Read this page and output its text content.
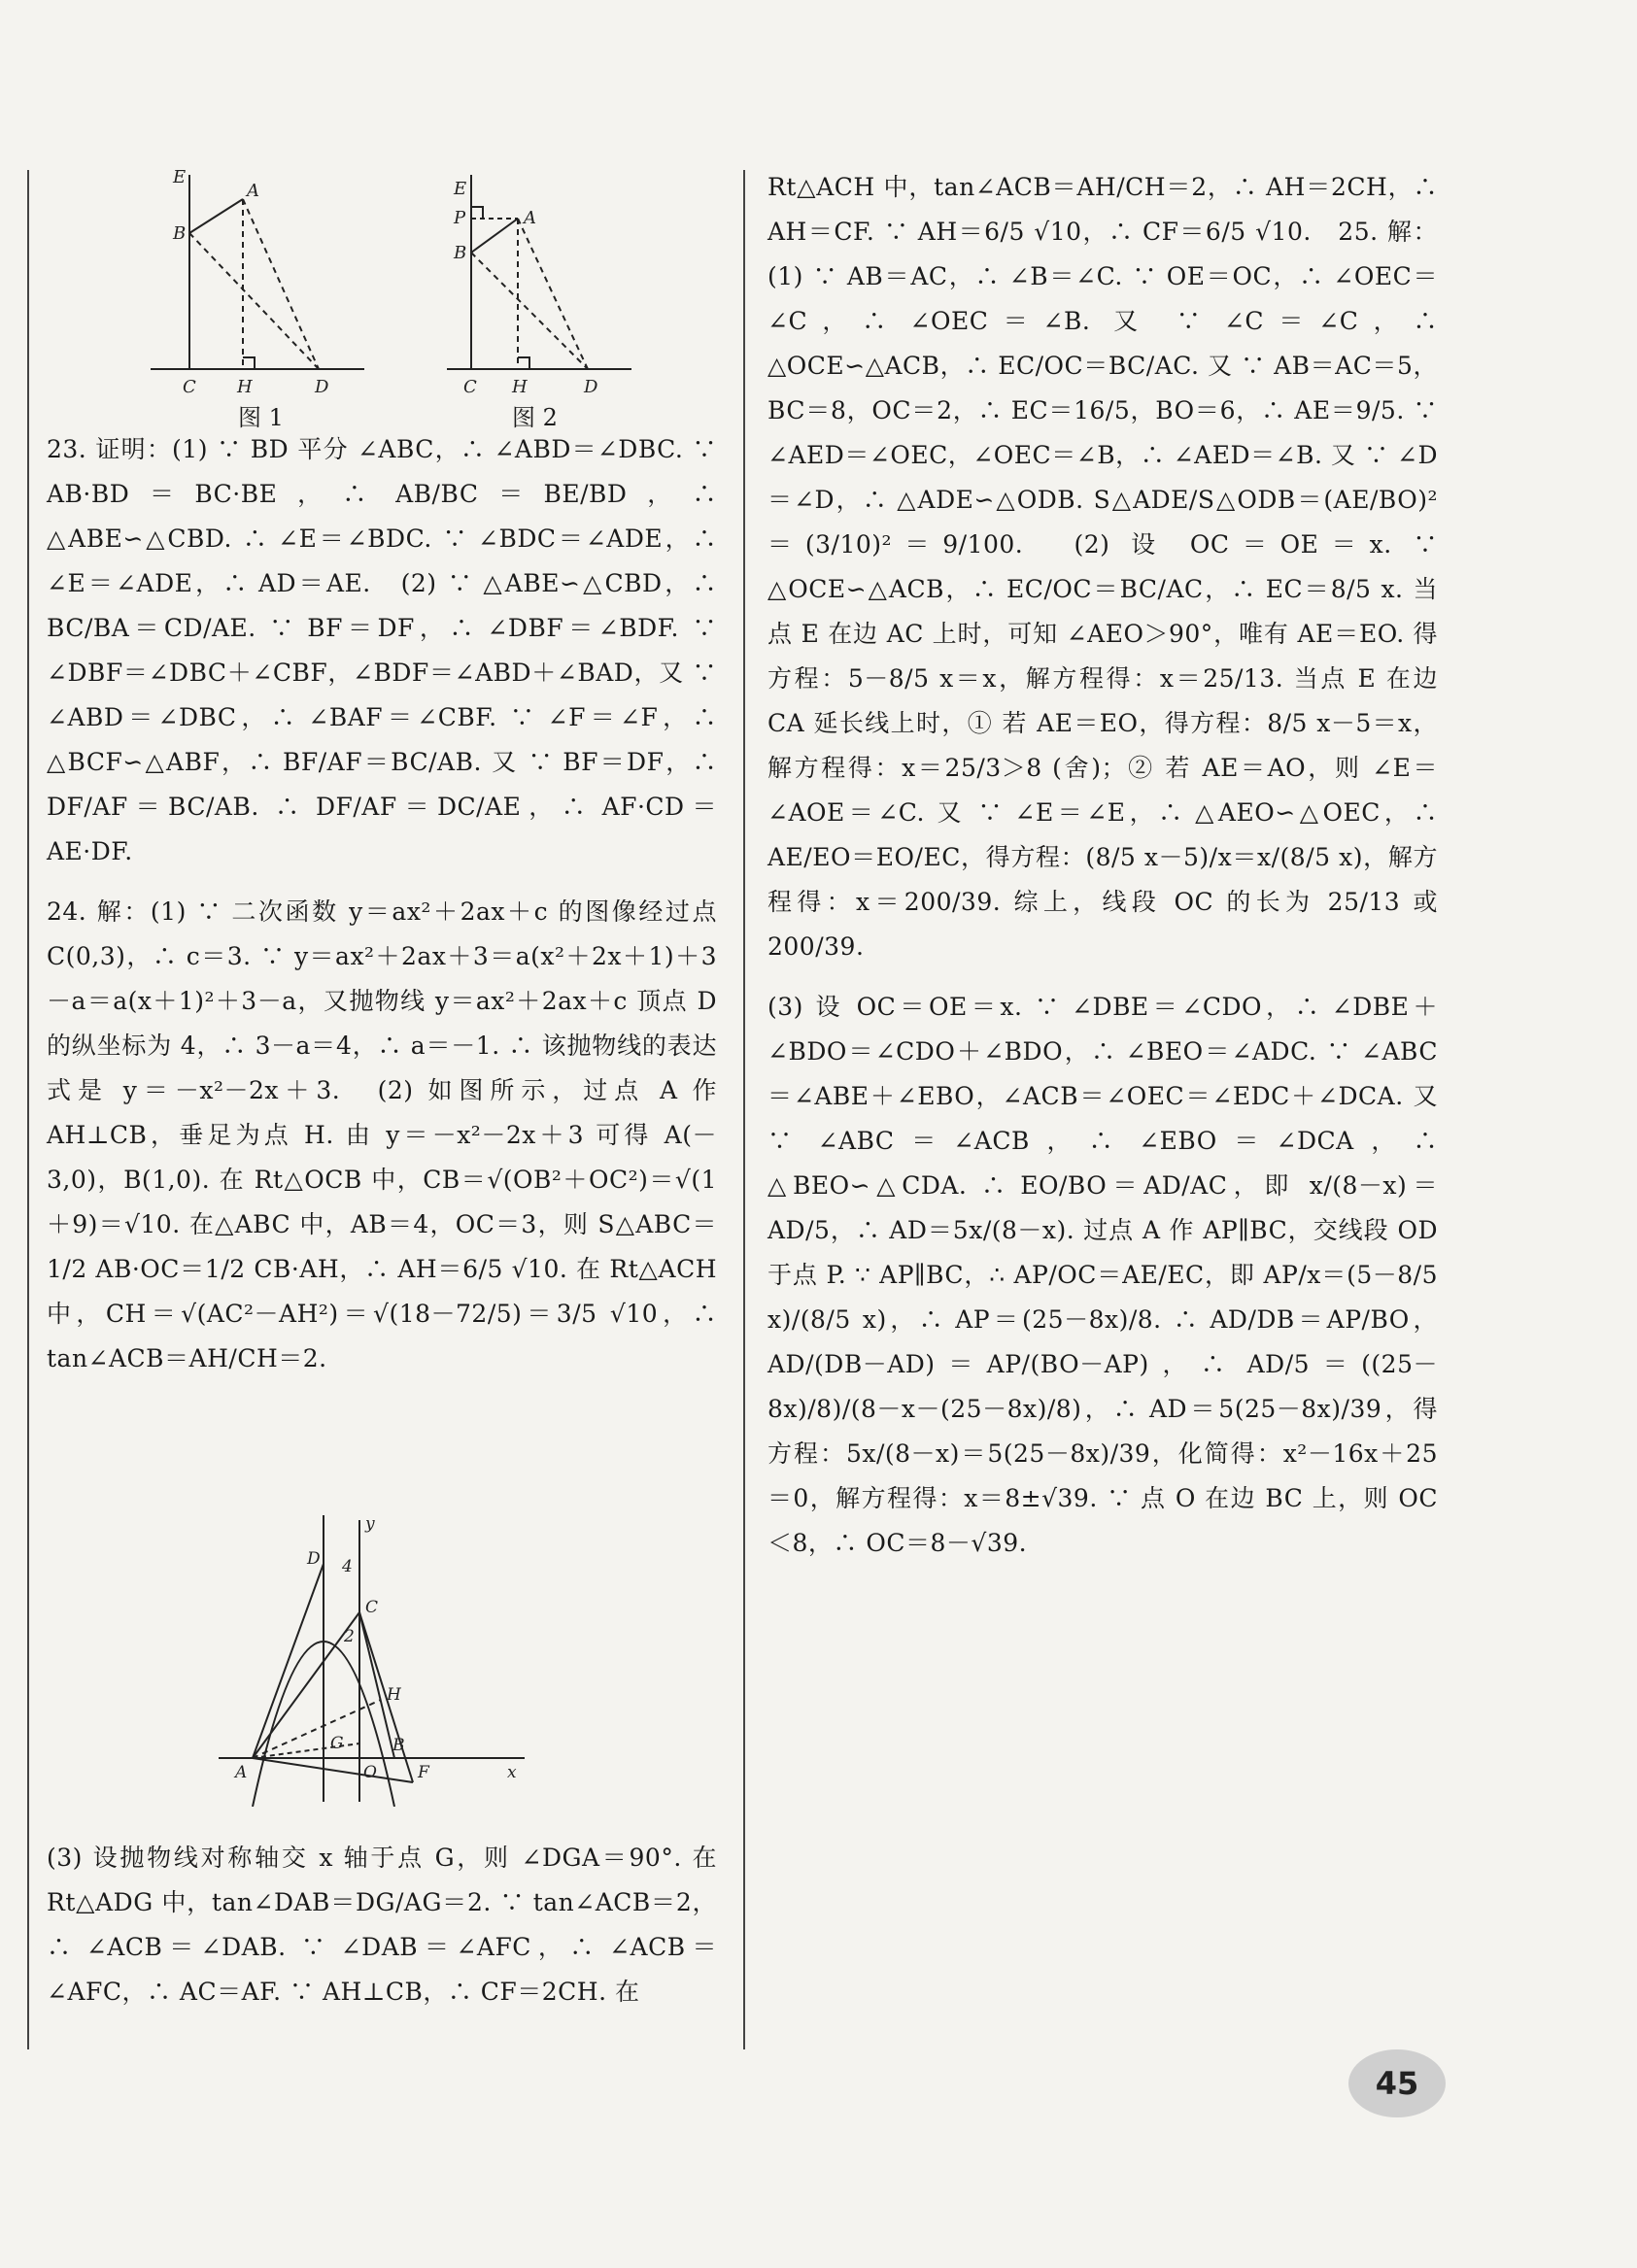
E
A
B
C H	D
图 1
E
P	A
B
C H	D
图 2

23. 证明：(1) ∵ BD 平分 ∠ABC，∴ ∠ABD＝∠DBC. ∵ AB·BD＝BC·BE，∴ AB/BC＝BE/BD，∴ △ABE∽△CBD. ∴ ∠E＝∠BDC. ∵ ∠BDC＝∠ADE，∴ ∠E＝∠ADE，∴ AD＝AE.　(2) ∵ △ABE∽△CBD，∴ BC/BA＝CD/AE. ∵ BF＝DF，∴ ∠DBF＝∠BDF. ∵ ∠DBF＝∠DBC＋∠CBF，∠BDF＝∠ABD＋∠BAD，又 ∵ ∠ABD＝∠DBC，∴ ∠BAF＝∠CBF. ∵ ∠F＝∠F，∴ △BCF∽△ABF，∴ BF/AF＝BC/AB. 又 ∵ BF＝DF，∴ DF/AF＝BC/AB. ∴ DF/AF＝DC/AE，∴ AF·CD＝AE·DF.

24. 解：(1) ∵ 二次函数 y＝ax²＋2ax＋c 的图像经过点 C(0,3)，∴ c＝3. ∵ y＝ax²＋2ax＋3＝a(x²＋2x＋1)＋3－a＝a(x＋1)²＋3－a，又抛物线 y＝ax²＋2ax＋c 顶点 D 的纵坐标为 4，∴ 3－a＝4，∴ a＝－1. ∴ 该抛物线的表达式是 y＝－x²－2x＋3.　(2) 如图所示，过点 A 作 AH⊥CB，垂足为点 H. 由 y＝－x²－2x＋3 可得 A(－3,0)，B(1,0). 在 Rt△OCB 中，CB＝√(OB²＋OC²)＝√(1＋9)＝√10. 在△ABC 中，AB＝4，OC＝3，则 S△ABC＝ 1/2 AB·OC＝1/2 CB·AH，∴ AH＝6/5 √10. 在 Rt△ACH 中，CH＝√(AC²－AH²)＝√(18－72/5)＝3/5 √10，∴ tan∠ACB＝AH/CH＝2.

y
D 4
C
2
H
A
G
O
B
F	x

(3) 设抛物线对称轴交 x 轴于点 G，则 ∠DGA＝90°. 在 Rt△ADG 中，tan∠DAB＝DG/AG＝2. ∵ tan∠ACB＝2，∴ ∠ACB＝∠DAB. ∵ ∠DAB＝∠AFC，∴ ∠ACB＝∠AFC，∴ AC＝AF. ∵ AH⊥CB，∴ CF＝2CH. 在

Rt△ACH 中，tan∠ACB＝AH/CH＝2，∴ AH＝2CH，∴ AH＝CF. ∵ AH＝6/5 √10，∴ CF＝6/5 √10.　25. 解：(1) ∵ AB＝AC，∴ ∠B＝∠C. ∵ OE＝OC，∴ ∠OEC＝∠C，∴ ∠OEC＝∠B. 又 ∵ ∠C＝∠C，∴ △OCE∽△ACB，∴ EC/OC＝BC/AC. 又 ∵ AB＝AC＝5，BC＝8，OC＝2，∴ EC＝16/5，BO＝6，∴ AE＝9/5. ∵ ∠AED＝∠OEC，∠OEC＝∠B，∴ ∠AED＝∠B. 又 ∵ ∠D＝∠D，∴ △ADE∽△ODB. S△ADE/S△ODB＝(AE/BO)²＝(3/10)²＝9/100.　(2) 设 OC＝OE＝x. ∵ △OCE∽△ACB，∴ EC/OC＝BC/AC，∴ EC＝8/5 x. 当点 E 在边 AC 上时，可知 ∠AEO＞90°，唯有 AE＝EO. 得方程：5－8/5 x＝x，解方程得：x＝25/13. 当点 E 在边 CA 延长线上时，① 若 AE＝EO，得方程：8/5 x－5＝x，解方程得：x＝25/3＞8 (舍)；② 若 AE＝AO，则 ∠E＝∠AOE＝∠C. 又 ∵ ∠E＝∠E，∴ △AEO∽△OEC，∴ AE/EO＝EO/EC，得方程：(8/5 x－5)/x＝x/(8/5 x)，解方程得：x＝200/39. 综上，线段 OC 的长为 25/13 或 200/39.

(3) 设 OC＝OE＝x. ∵ ∠DBE＝∠CDO，∴ ∠DBE＋∠BDO＝∠CDO＋∠BDO，∴ ∠BEO＝∠ADC. ∵ ∠ABC＝∠ABE＋∠EBO，∠ACB＝∠OEC＝∠EDC＋∠DCA. 又 ∵ ∠ABC＝∠ACB，∴ ∠EBO＝∠DCA，∴ △BEO∽△CDA. ∴ EO/BO＝AD/AC，即 x/(8－x)＝AD/5，∴ AD＝5x/(8－x). 过点 A 作 AP∥BC，交线段 OD 于点 P. ∵ AP∥BC，∴ AP/OC＝AE/EC，即 AP/x＝(5－8/5 x)/(8/5 x)，∴ AP＝(25－8x)/8. ∴ AD/DB＝AP/BO，AD/(DB－AD)＝AP/(BO－AP)，∴ AD/5＝((25－8x)/8)/(8－x－(25－8x)/8)，∴ AD＝5(25－8x)/39，得方程：5x/(8－x)＝5(25－8x)/39，化简得：x²－16x＋25＝0，解方程得：x＝8±√39. ∵ 点 O 在边 BC 上，则 OC＜8，∴ OC＝8－√39.

45
